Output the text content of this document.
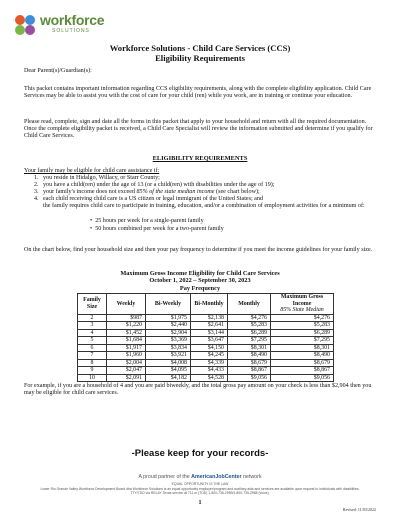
workforce
SOLUTIONS
Workforce Solutions - Child Care Services (CCS)
Eligibility Requirements
Dear Parent(s)/Guardian(s):
This packet contains important information regarding CCS eligibility requirements, along with the complete eligibility application. Child Care Services may be able to assist you with the cost of care for your child (ren) while you work, are in training or continue your education.
Please read, complete, sign and date all the forms in this packet that apply to your household and return with all the required documentation. Once the complete eligibility packet is received, a Child Care Specialist will review the information submitted and determine if you qualify for Child Care Services.
ELIGIBILITY REQUIREMENTS
Your family may be eligible for child care assistance if:
1. you reside in Hidalgo, Willacy, or Starr County;
2. you have a child(ren) under the age of 13 (or a child(ren) with disabilities under the age of 19);
3. your family's income does not exceed 85% of the state median income (see chart below);
4. each child receiving child care is a US citizen or legal immigrant of the United States; and
the family requires child care to participate in training, education, and/or a combination of employment activities for a minimum of:
•  25 hours per week for a single-parent family
•  50 hours combined per week for a two-parent family
On the chart below, find your household size and then your pay frequency to determine if you meet the income guidelines for your family size.
Maximum Gross Income Eligibility for Child Care Services
October 1, 2022 – September 30, 2023
Pay Frequency
Family Size	Weekly	Bi-Weekly	Bi-Monthly	Monthly	Maximum Gross Income
85% State Median
2	$987	$1,975	$2,138	$4,276	$4,276
3	$1,220	$2,440	$2,641	$5,283	$5,283
4	$1,452	$2,904	$3,144	$6,289	$6,289
5	$1,684	$3,369	$3,647	$7,295	$7,295
6	$1,917	$3,834	$4,150	$8,301	$8,301
7	$1,960	$3,921	$4,245	$8,490	$8,490
8	$2,004	$4,008	$4,339	$8,679	$8,679
9	$2,047	$4,095	$4,433	$8,867	$8,867
10	$2,091	$4,182	$4,528	$9,056	$9,056
For example, if you are a household of 4 and you are paid biweekly, and the total gross pay amount on your check is less than $2,904 then you may be eligible for child care services.
-Please keep for your records-
A proud partner of the AmericanJobCenter network
EQUAL OPPORTUNITY IS THE LAW
Lower Rio Grande Valley Workforce Development Board dba Workforce Solutions is an equal opportunity employer/program and auxiliary aids and services are available upon request to individuals with disabilities. TTY/TDD via RELAY Texas service at 711 or (TDD) 1-800-735-2989/1-800-735-2988 (voice).
1
Revised: 11/03/2022
